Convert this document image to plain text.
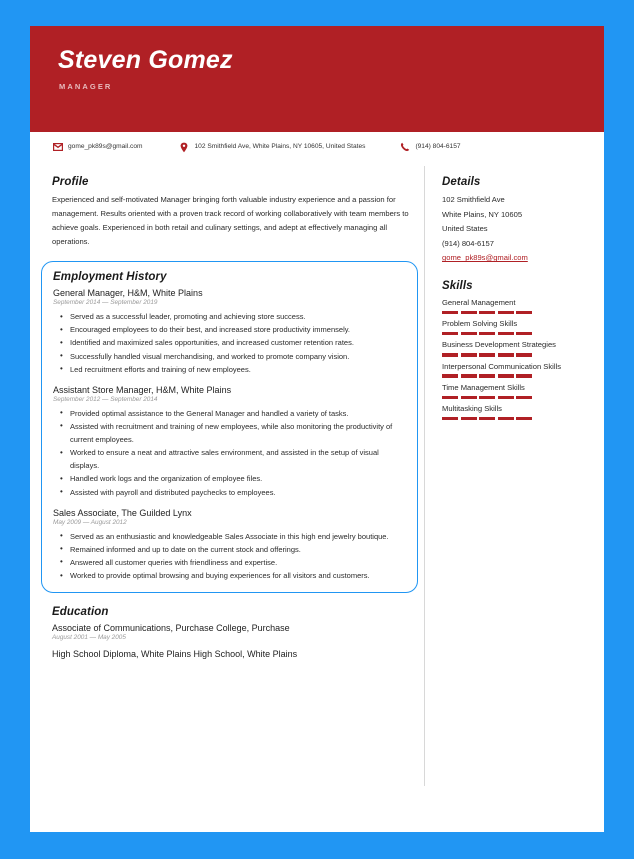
Steven Gomez
MANAGER
gome_pk89s@gmail.com	102 Smithfield Ave, White Plains, NY 10605, United States	(914) 804-6157
Profile

Experienced and self-motivated Manager bringing forth valuable industry experience and a passion for management. Results oriented with a proven track record of working collaboratively with team members to achieve goals. Experienced in both retail and culinary settings, and adept at effectively managing all operations.

Employment History

General Manager, H&M, White Plains

September 2014 — September 2019

• Served as a successful leader, promoting and achieving store success.
• Encouraged employees to do their best, and increased store productivity immensely.
• Identified and maximized sales opportunities, and increased customer retention rates.
• Successfully handled visual merchandising, and worked to promote company vision.
• Led recruitment efforts and training of new employees.

Assistant Store Manager, H&M, White Plains

September 2012 — September 2014

• Provided optimal assistance to the General Manager and handled a variety of tasks.
• Assisted with recruitment and training of new employees, while also monitoring the productivity of current employees.
• Worked to ensure a neat and attractive sales environment, and assisted in the setup of visual displays.
• Handled work logs and the organization of employee files.
• Assisted with payroll and distributed paychecks to employees.

Sales Associate, The Guilded Lynx

May 2009 — August 2012

• Served as an enthusiastic and knowledgeable Sales Associate in this high end jewelry boutique.
• Remained informed and up to date on the current stock and offerings.
• Answered all customer queries with friendliness and expertise.
• Worked to provide optimal browsing and buying experiences for all visitors and customers.
Education

Associate of Communications, Purchase College, Purchase

August 2001 — May 2005

High School Diploma, White Plains High School, White Plains

Details
102 Smithfield Ave
White Plains, NY 10605
United States
(914) 804-6157
gome_pk89s@gmail.com
Skills

General Management

Problem Solving Skills

Business Development Strategies

Interpersonal Communication Skills

Time Management Skills

Multitasking Skills
